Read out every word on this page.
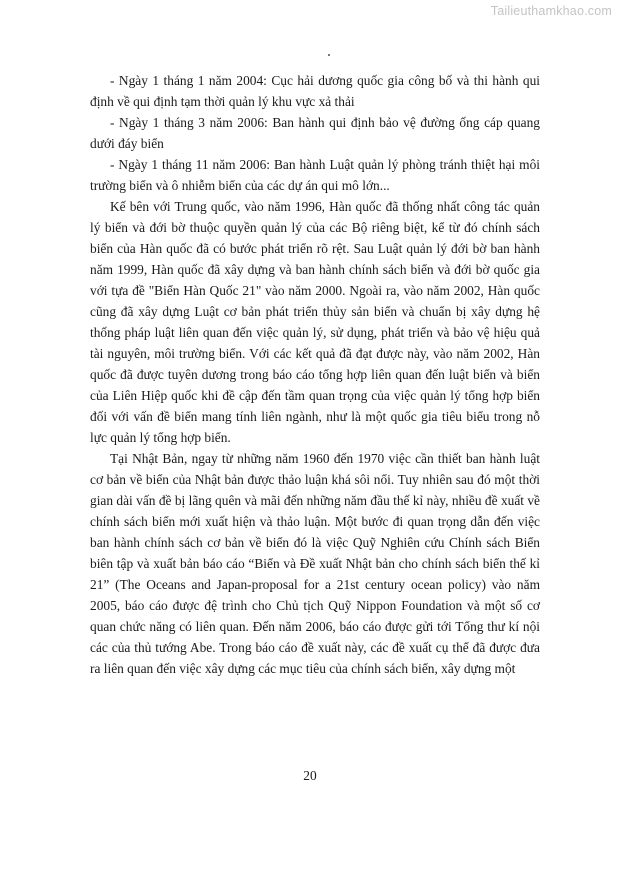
Tailieuthamkhao.com

- Ngày 1 tháng 1 năm 2004: Cục hải dương quốc gia công bố và thi hành qui định về qui định tạm thời quản lý khu vực xả thải

- Ngày 1 tháng 3 năm 2006: Ban hành qui định bảo vệ đường ống cáp quang dưới đáy biển

- Ngày 1 tháng 11 năm 2006: Ban hành Luật quản lý phòng tránh thiệt hại môi trường biển và ô nhiễm biển của các dự án qui mô lớn...

Kế bên với Trung quốc, vào năm 1996, Hàn quốc đã thống nhất công tác quản lý biển và đới bờ thuộc quyền quản lý của các Bộ riêng biệt, kể từ đó chính sách biển của Hàn quốc đã có bước phát triển rõ rệt. Sau Luật quản lý đới bờ ban hành năm 1999, Hàn quốc đã xây dựng và ban hành chính sách biển và đới bờ quốc gia với tựa đề "Biển Hàn Quốc 21" vào năm 2000. Ngoài ra, vào năm 2002, Hàn quốc cũng đã xây dựng Luật cơ bản phát triển thủy sản biển và chuẩn bị xây dựng hệ thống pháp luật liên quan đến việc quản lý, sử dụng, phát triển và bảo vệ hiệu quả tài nguyên, môi trường biển. Với các kết quả đã đạt được này, vào năm 2002, Hàn quốc đã được tuyên dương trong báo cáo tổng hợp liên quan đến luật biển và biển của Liên Hiệp quốc khi đề cập đến tầm quan trọng của việc quản lý tổng hợp biển đối với vấn đề biển mang tính liên ngành, như là một quốc gia tiêu biểu trong nỗ lực quản lý tổng hợp biển.

Tại Nhật Bản, ngay từ những năm 1960 đến 1970 việc cần thiết ban hành luật cơ bản về biển của Nhật bản được thảo luận khá sôi nổi. Tuy nhiên sau đó một thời gian dài vấn đề bị lãng quên và mãi đến những năm đầu thế kỉ này, nhiều đề xuất về chính sách biển mới xuất hiện và thảo luận. Một bước đi quan trọng dẫn đến việc ban hành chính sách cơ bản về biển đó là việc Quỹ Nghiên cứu Chính sách Biển biên tập và xuất bản báo cáo “Biển và Đề xuất Nhật bản cho chính sách biển thế kỉ 21” (The Oceans and Japan-proposal for a 21st century ocean policy) vào năm 2005, báo cáo được đệ trình cho Chủ tịch Quỹ Nippon Foundation và một số cơ quan chức năng có liên quan. Đến năm 2006, báo cáo được gửi tới Tổng thư kí nội các của thủ tướng Abe. Trong báo cáo đề xuất này, các đề xuất cụ thể đã được đưa ra liên quan đến việc xây dựng các mục tiêu của chính sách biển, xây dựng một

20
